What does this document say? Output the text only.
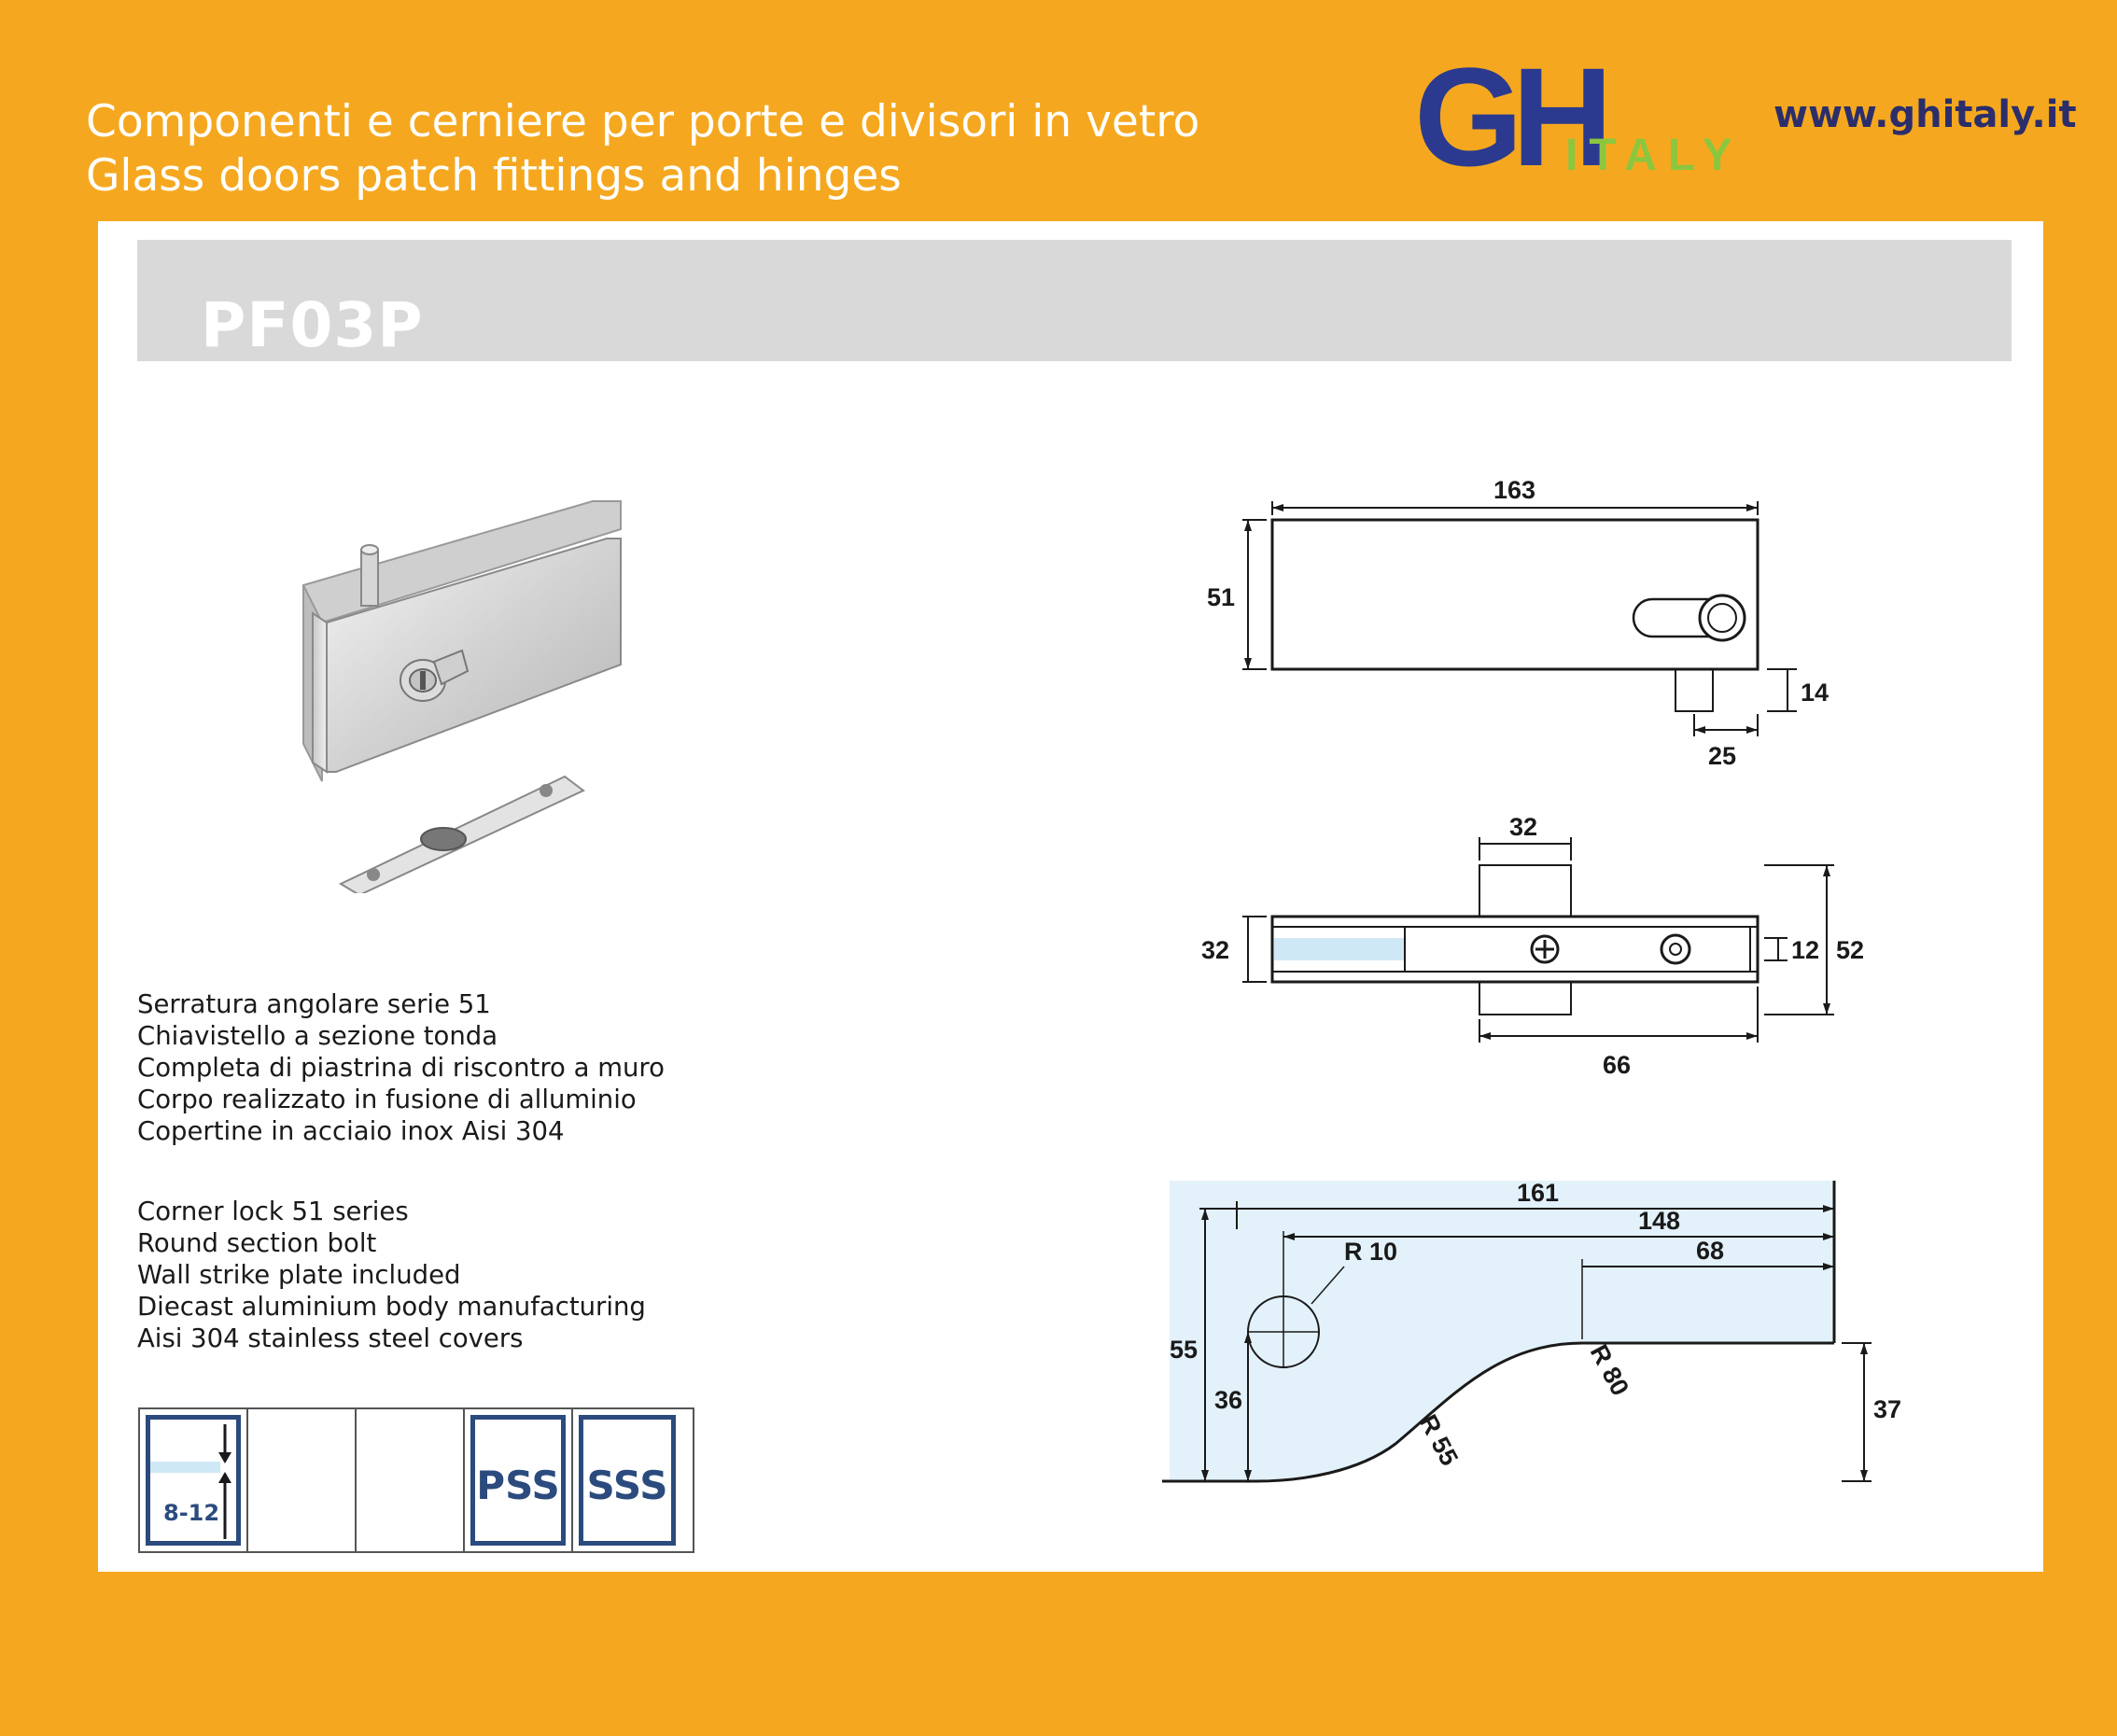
Componenti e cerniere per porte e divisori in vetro
Glass doors patch fittings and hinges	GH
ITALY
www.ghitaly.it
PF03P
Serratura angolare serie 51
Chiavistello a sezione tonda
Completa di piastrina di riscontro a muro
Corpo realizzato in fusione di alluminio
Copertine in acciaio inox Aisi 304
Corner lock 51 series
Round section bolt
Wall strike plate included
Diecast aluminium body manufacturing
Aisi 304 stainless steel covers
8-12
PSS SSS
163
51
14
25
32
32	12 52
66
161
148
68
R 10
R 55
R 80
55
36	37
